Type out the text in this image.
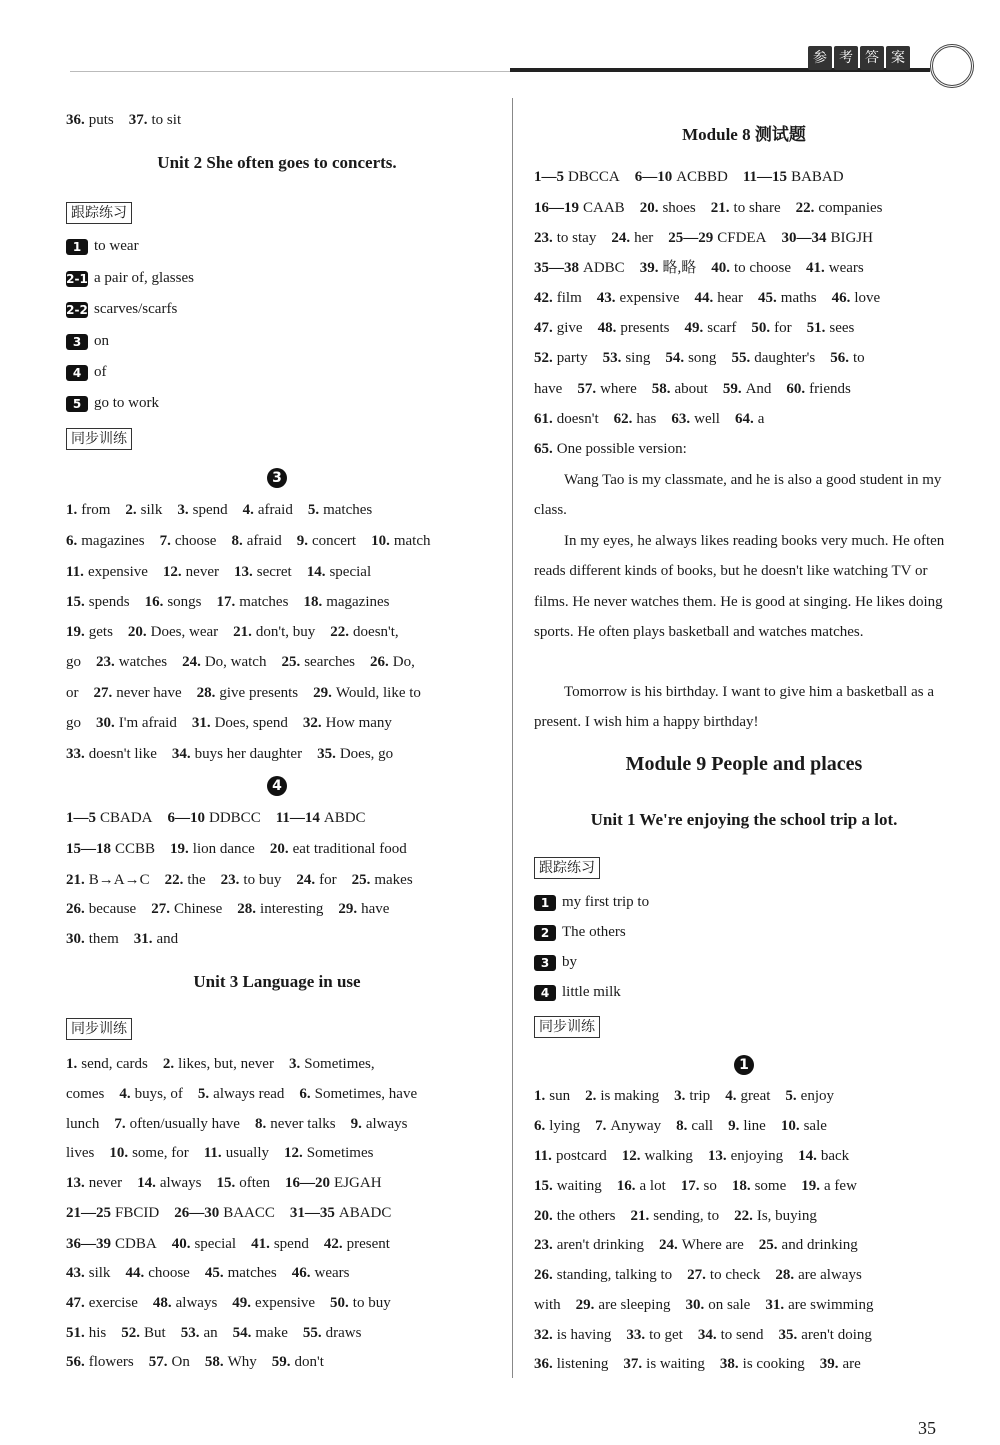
参 考 答 案
36. puts 37. to sit
Unit 2 She often goes to concerts.
跟踪练习
1 to wear
2-1 a pair of, glasses
2-2 scarves/scarfs
3 on
4 of
5 go to work
同步训练
3
1. from 2. silk 3. spend 4. afraid 5. matches
6. magazines 7. choose 8. afraid 9. concert 10. match
11. expensive 12. never 13. secret 14. special
15. spends 16. songs 17. matches 18. magazines
19. gets 20. Does, wear 21. don't, buy 22. doesn't,
go 23. watches 24. Do, watch 25. searches 26. Do,
or 27. never have 28. give presents 29. Would, like to
go 30. I'm afraid 31. Does, spend 32. How many
33. doesn't like 34. buys her daughter 35. Does, go
4
1—5 CBADA 6—10 DDBCC 11—14 ABDC
15—18 CCBB 19. lion dance 20. eat traditional food
21. B→A→C 22. the 23. to buy 24. for 25. makes
26. because 27. Chinese 28. interesting 29. have
30. them 31. and
Unit 3 Language in use
同步训练
1. send, cards 2. likes, but, never 3. Sometimes,
comes 4. buys, of 5. always read 6. Sometimes, have
lunch 7. often/usually have 8. never talks 9. always
lives 10. some, for 11. usually 12. Sometimes
13. never 14. always 15. often 16—20 EJGAH
21—25 FBCID 26—30 BAACC 31—35 ABADC
36—39 CDBA 40. special 41. spend 42. present
43. silk 44. choose 45. matches 46. wears
47. exercise 48. always 49. expensive 50. to buy
51. his 52. But 53. an 54. make 55. draws
56. flowers 57. On 58. Why 59. don't
Module 8 测试题
1—5 DBCCA 6—10 ACBBD 11—15 BABAD
16—19 CAAB 20. shoes 21. to share 22. companies
23. to stay 24. her 25—29 CFDEA 30—34 BIGJH
35—38 ADBC 39. 略,略 40. to choose 41. wears
42. film 43. expensive 44. hear 45. maths 46. love
47. give 48. presents 49. scarf 50. for 51. sees
52. party 53. sing 54. song 55. daughter's 56. to
have 57. where 58. about 59. And 60. friends
61. doesn't 62. has 63. well 64. a
65. One possible version:
Wang Tao is my classmate, and he is also a good student in my class.
In my eyes, he always likes reading books very much. He often reads different kinds of books, but he doesn't like watching TV or films. He never watches them. He is good at singing. He likes doing sports. He often plays basketball and watches matches.
Tomorrow is his birthday. I want to give him a basketball as a present. I wish him a happy birthday!
Module 9 People and places
Unit 1 We're enjoying the school trip a lot.
跟踪练习
1 my first trip to
2 The others
3 by
4 little milk
同步训练
1
1. sun 2. is making 3. trip 4. great 5. enjoy
6. lying 7. Anyway 8. call 9. line 10. sale
11. postcard 12. walking 13. enjoying 14. back
15. waiting 16. a lot 17. so 18. some 19. a few
20. the others 21. sending, to 22. Is, buying
23. aren't drinking 24. Where are 25. and drinking
26. standing, talking to 27. to check 28. are always
with 29. are sleeping 30. on sale 31. are swimming
32. is having 33. to get 34. to send 35. aren't doing
36. listening 37. is waiting 38. is cooking 39. are
35
